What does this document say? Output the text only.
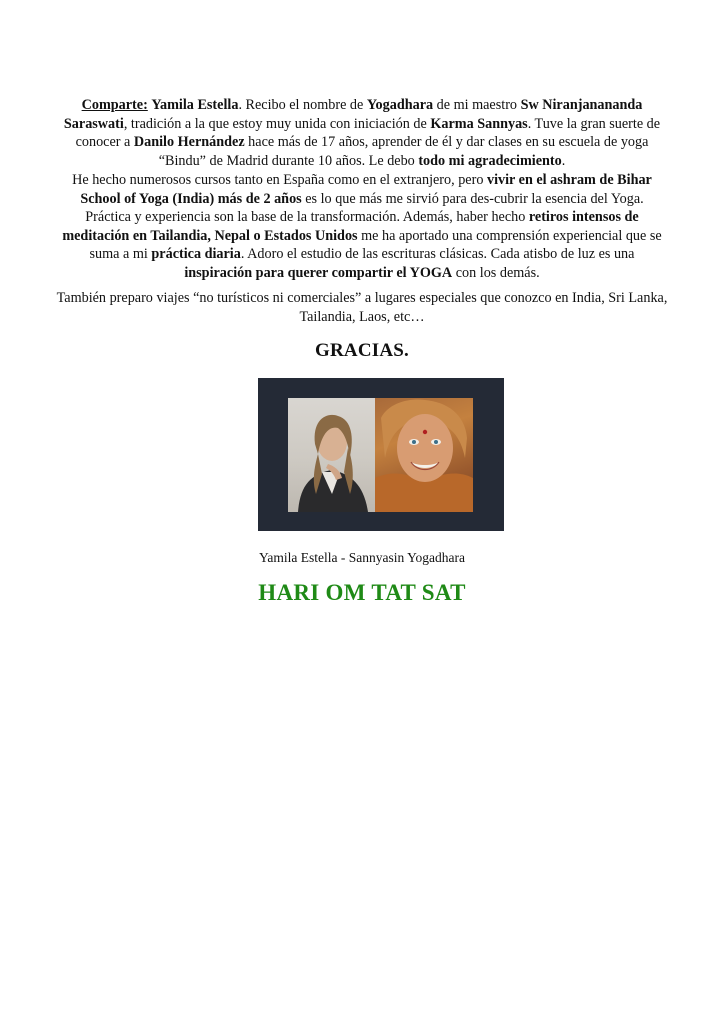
Comparte: Yamila Estella. Recibo el nombre de Yogadhara de mi maestro Sw Niranjanananda Saraswati, tradición a la que estoy muy unida con iniciación de Karma Sannyas. Tuve la gran suerte de conocer a Danilo Hernández hace más de 17 años, aprender de él y dar clases en su escuela de yoga “Bindu” de Madrid durante 10 años. Le debo todo mi agradecimiento.
He hecho numerosos cursos tanto en España como en el extranjero, pero vivir en el ashram de Bihar School of Yoga (India) más de 2 años es lo que más me sirvió para des-cubrir la esencia del Yoga. Práctica y experiencia son la base de la transformación. Además, haber hecho retiros intensos de meditación en Tailandia, Nepal o Estados Unidos me ha aportado una comprensión experiencial que se suma a mi práctica diaria. Adoro el estudio de las escrituras clásicas. Cada atisbo de luz es una inspiración para querer compartir el YOGA con los demás.
También preparo viajes “no turísticos ni comerciales” a lugares especiales que conozco en India, Sri Lanka, Tailandia, Laos, etc…
GRACIAS.
Yamila Estella - Sannyasin Yogadhara
HARI OM TAT SAT
